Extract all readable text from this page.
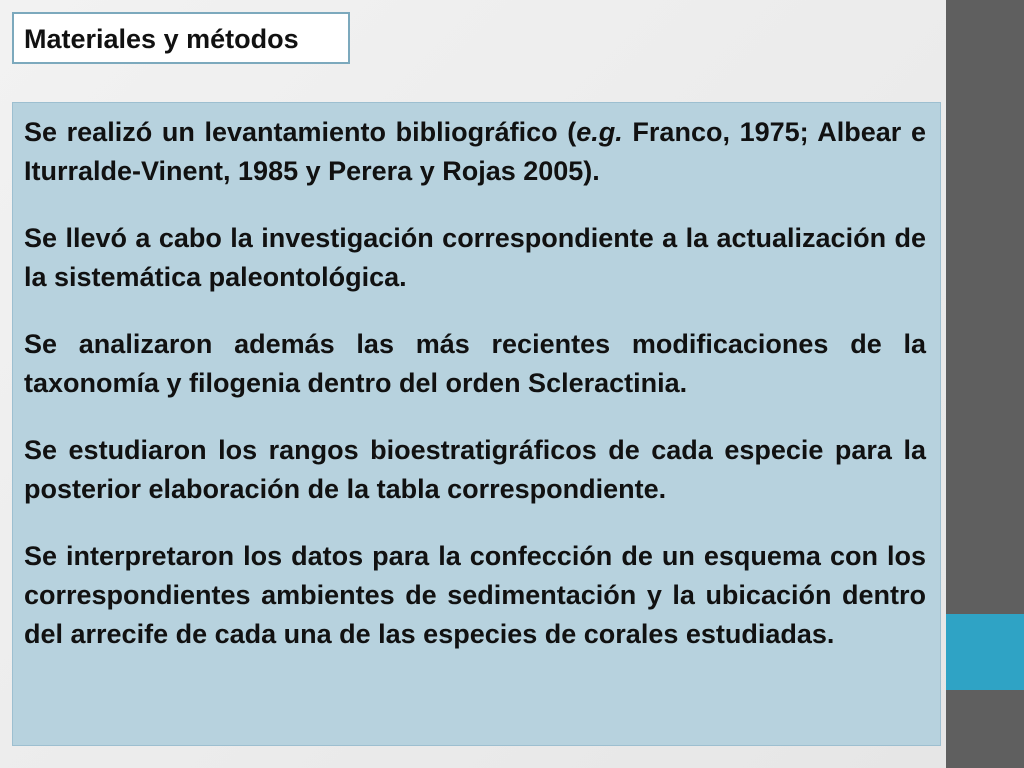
Materiales y métodos

Se realizó un levantamiento bibliográfico (e.g. Franco, 1975; Albear e Iturralde-Vinent, 1985 y Perera y Rojas 2005).

Se llevó a cabo la investigación correspondiente a la actualización de la sistemática paleontológica.

Se analizaron además las más recientes modificaciones de la taxonomía y filogenia dentro del orden Scleractinia.

Se estudiaron los rangos bioestratigráficos de cada especie para la posterior elaboración de la tabla correspondiente.

Se interpretaron los datos para la confección de un esquema con los correspondientes ambientes de sedimentación y la ubicación dentro del arrecife de cada una de las especies de corales estudiadas.
